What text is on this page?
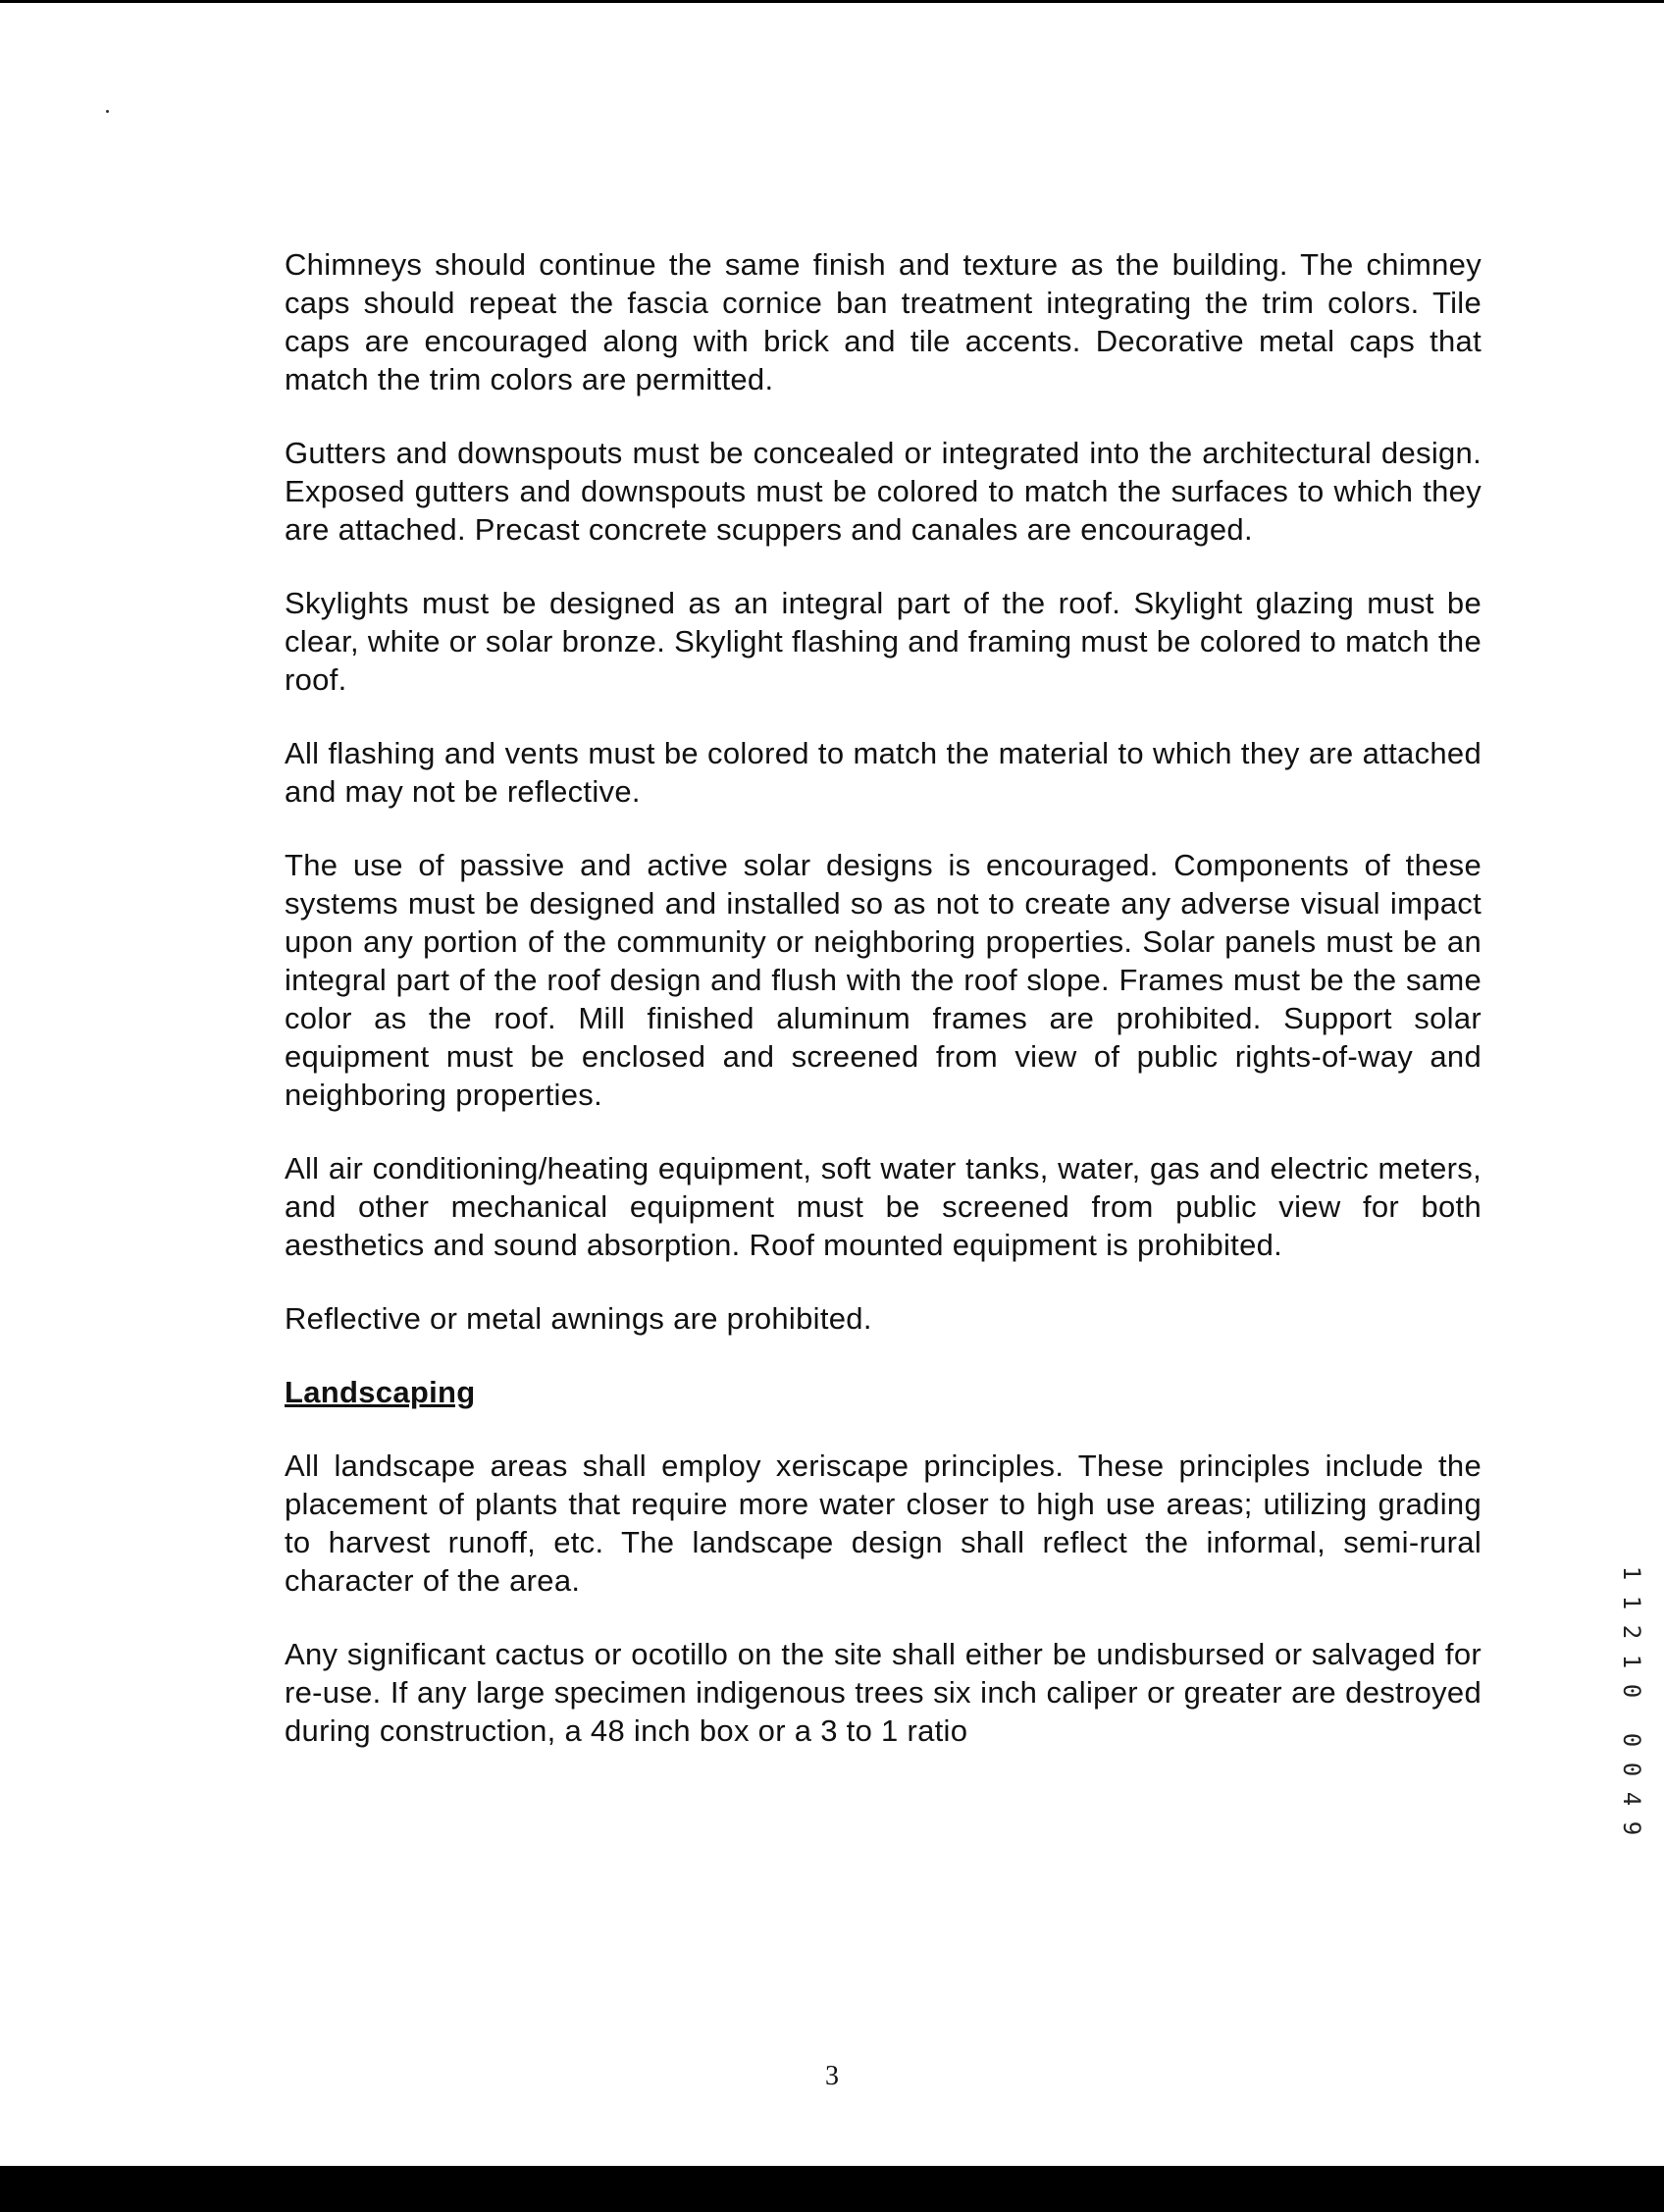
Chimneys should continue the same finish and texture as the building. The chimney caps should repeat the fascia cornice ban treatment integrating the trim colors. Tile caps are encouraged along with brick and tile accents. Decorative metal caps that match the trim colors are permitted.

Gutters and downspouts must be concealed or integrated into the architectural design. Exposed gutters and downspouts must be colored to match the surfaces to which they are attached. Precast concrete scuppers and canales are encouraged.

Skylights must be designed as an integral part of the roof. Skylight glazing must be clear, white or solar bronze. Skylight flashing and framing must be colored to match the roof.

All flashing and vents must be colored to match the material to which they are attached and may not be reflective.

The use of passive and active solar designs is encouraged. Components of these systems must be designed and installed so as not to create any adverse visual impact upon any portion of the community or neighboring properties. Solar panels must be an integral part of the roof design and flush with the roof slope. Frames must be the same color as the roof. Mill finished aluminum frames are prohibited. Support solar equipment must be enclosed and screened from view of public rights-of-way and neighboring properties.

All air conditioning/heating equipment, soft water tanks, water, gas and electric meters, and other mechanical equipment must be screened from public view for both aesthetics and sound absorption. Roof mounted equipment is prohibited.

Reflective or metal awnings are prohibited.

Landscaping

All landscape areas shall employ xeriscape principles. These principles include the placement of plants that require more water closer to high use areas; utilizing grading to harvest runoff, etc. The landscape design shall reflect the informal, semi-rural character of the area.

Any significant cactus or ocotillo on the site shall either be undisbursed or salvaged for re-use. If any large specimen indigenous trees six inch caliper or greater are destroyed during construction, a 48 inch box or a 3 to 1 ratio

3
1
1
2
1
0
0
0
4
9
